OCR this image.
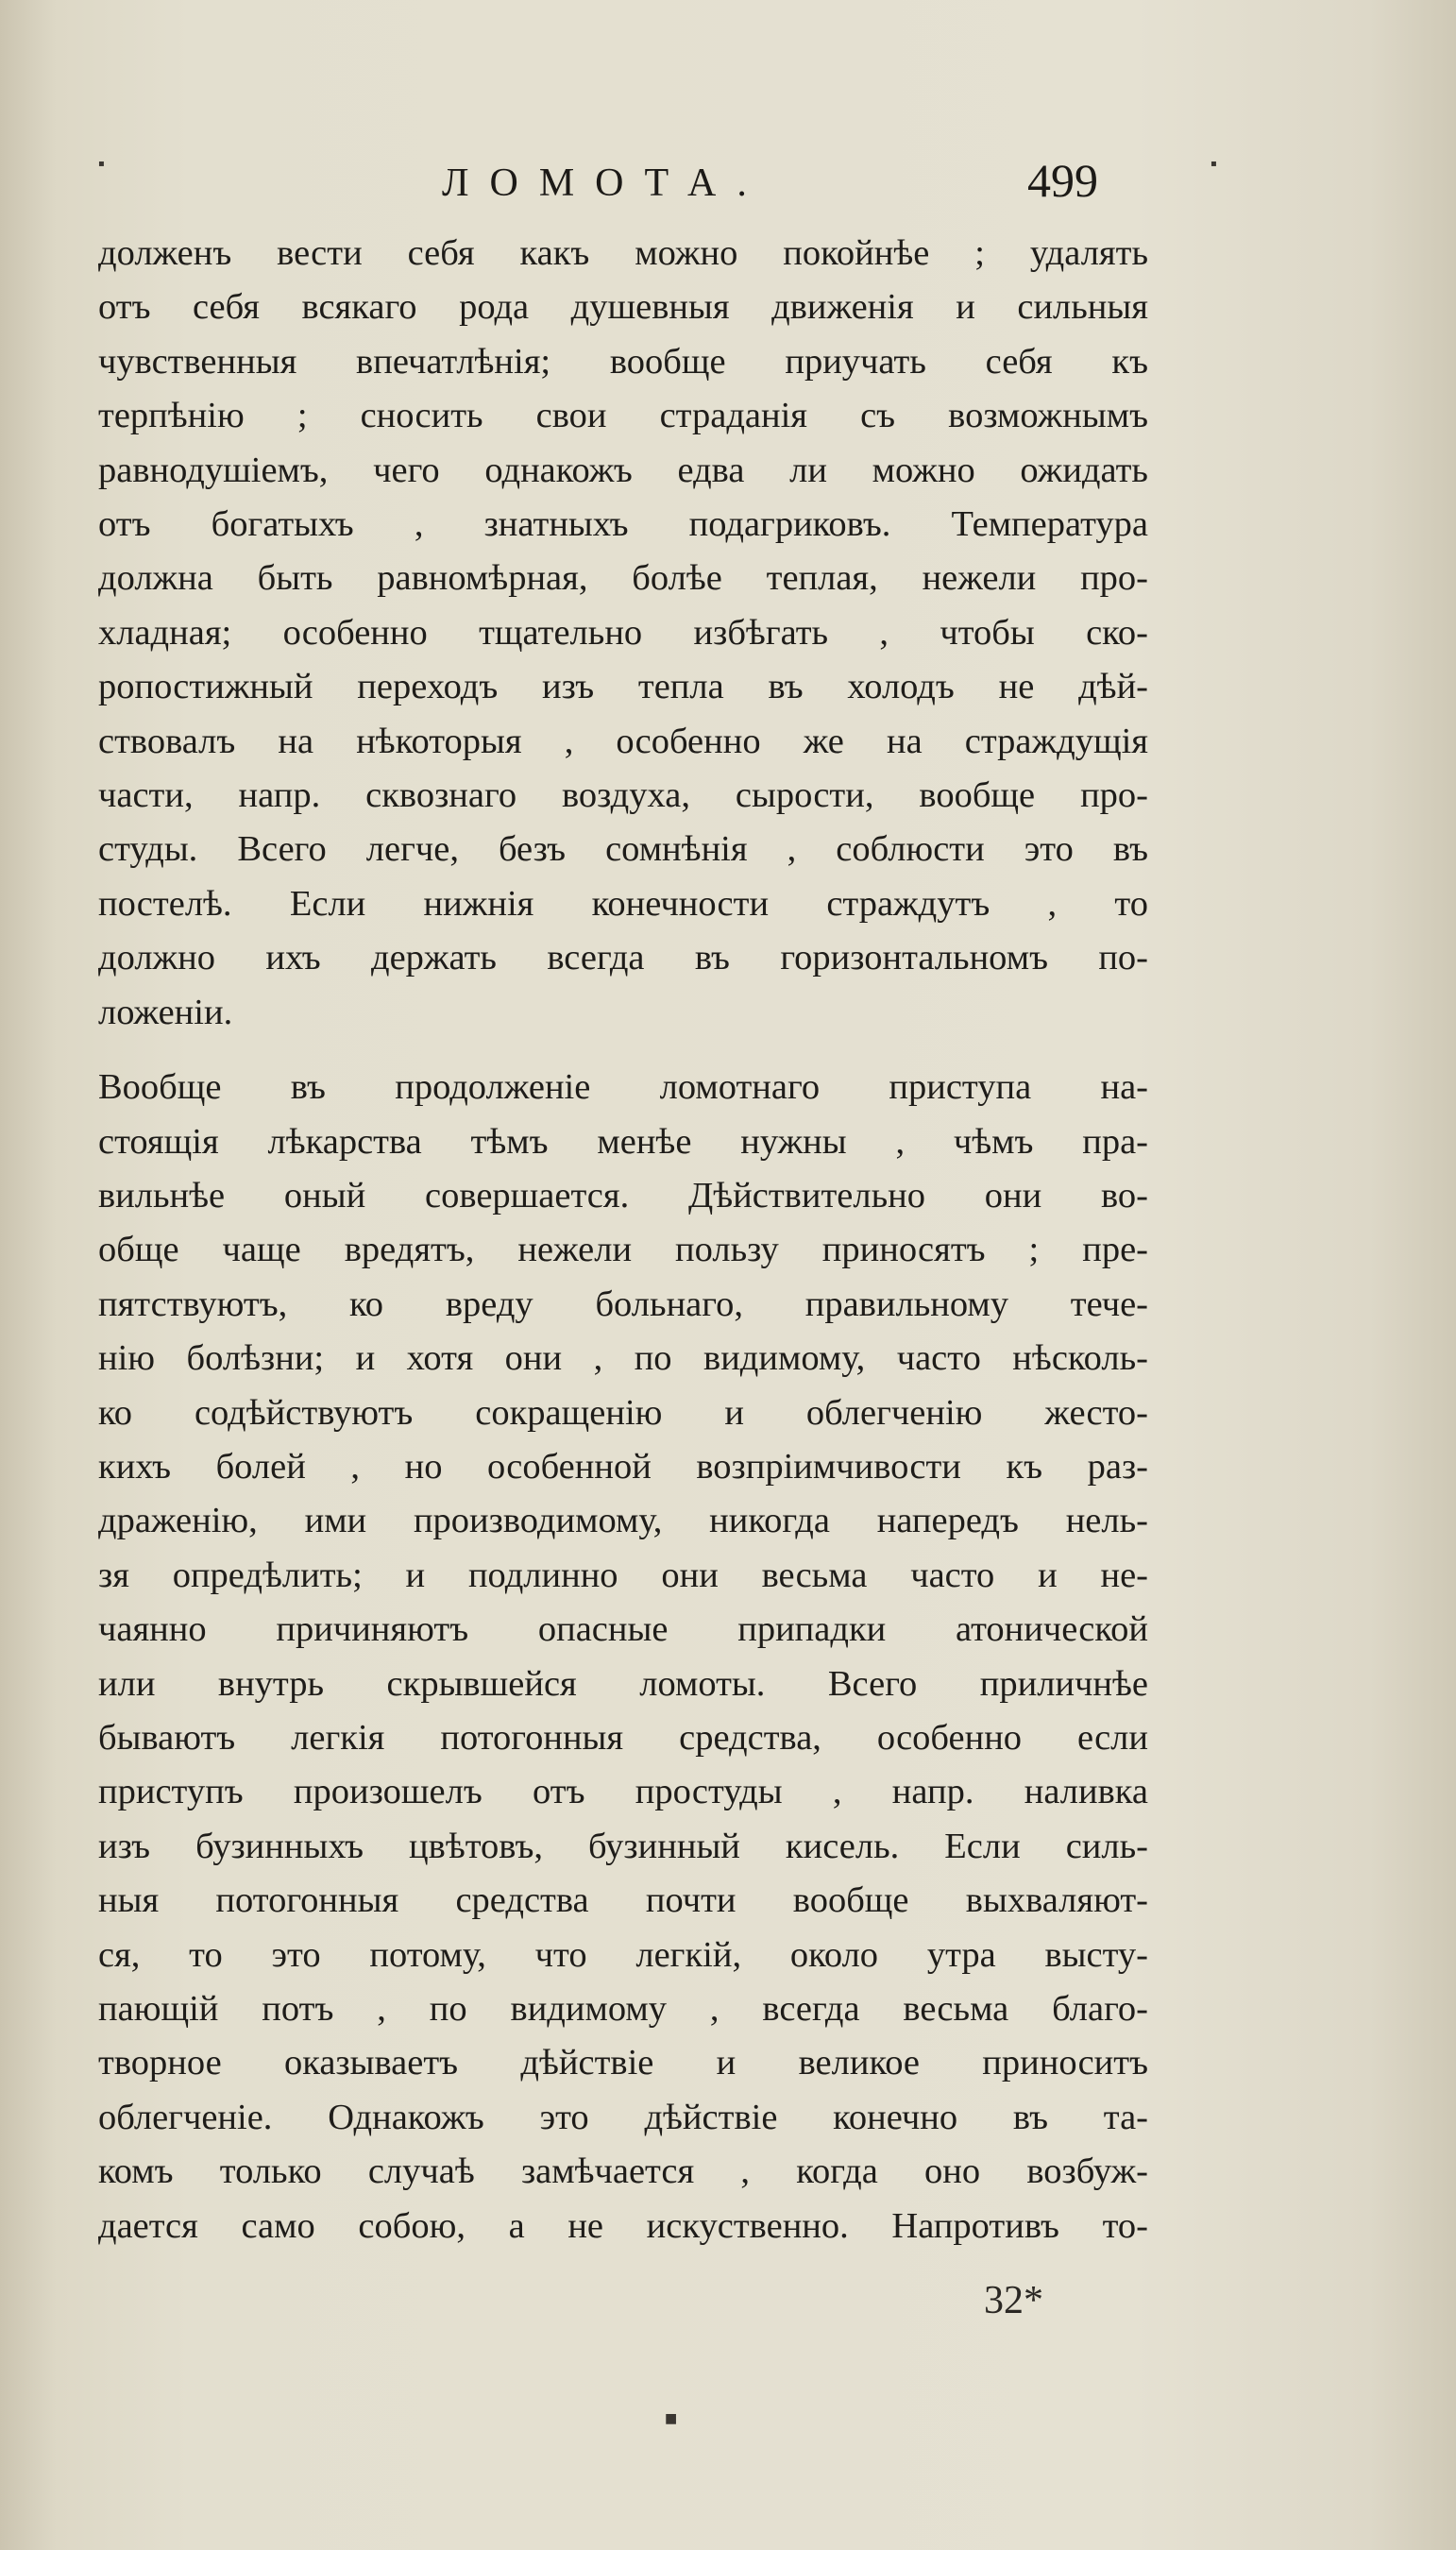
ЛОМОТА.	499

долженъ вести себя какъ можно покойнѣе ; удалять
отъ себя всякаго рода душевныя движенія и сильныя
чувственныя впечатлѣнія; вообще приучать себя къ
терпѣнію ; сносить свои страданія съ возможнымъ
равнодушіемъ, чего однакожъ едва ли можно ожидать
отъ богатыхъ , знатныхъ подагриковъ. Температура
должна быть равномѣрная, болѣе теплая, нежели про-
хладная; особенно тщательно избѣгать , чтобы ско-
ропостижный переходъ изъ тепла въ холодъ не дѣй-
ствовалъ на нѣкоторыя , особенно же на страждущія
части, напр. сквознаго воздуха, сырости, вообще про-
студы. Всего легче, безъ сомнѣнія , соблюсти это въ
постелѣ. Если нижнія конечности страждутъ , то
должно ихъ держать всегда въ горизонтальномъ по-
ложеніи.

Вообще въ продолженіе ломотнаго приступа на-
стоящія лѣкарства тѣмъ менѣе нужны , чѣмъ пра-
вильнѣе оный совершается. Дѣйствительно они во-
обще чаще вредятъ, нежели пользу приносятъ ; пре-
пятствуютъ, ко вреду больнаго, правильному тече-
нію болѣзни; и хотя они , по видимому, часто нѣсколь-
ко содѣйствуютъ сокращенію и облегченію жесто-
кихъ болей , но особенной возпріимчивости къ раз-
драженію, ими производимому, никогда напередъ нель-
зя опредѣлить; и подлинно они весьма часто и не-
чаянно причиняютъ опасные припадки атонической
или внутрь скрывшейся ломоты. Всего приличнѣе
бываютъ легкія потогонныя средства, особенно если
приступъ произошелъ отъ простуды , напр. наливка
изъ бузинныхъ цвѣтовъ, бузинный кисель. Если силь-
ныя потогонныя средства почти вообще выхваляют-
ся, то это потому, что легкій, около утра высту-
пающій потъ , по видимому , всегда весьма благо-
творное оказываетъ дѣйствіе и великое приноситъ
облегченіе. Однакожъ это дѣйствіе конечно въ та-
комъ только случаѣ замѣчается , когда оно возбуж-
дается само собою, а не искуственно. Напротивъ то-

32*
■
▪	▪
